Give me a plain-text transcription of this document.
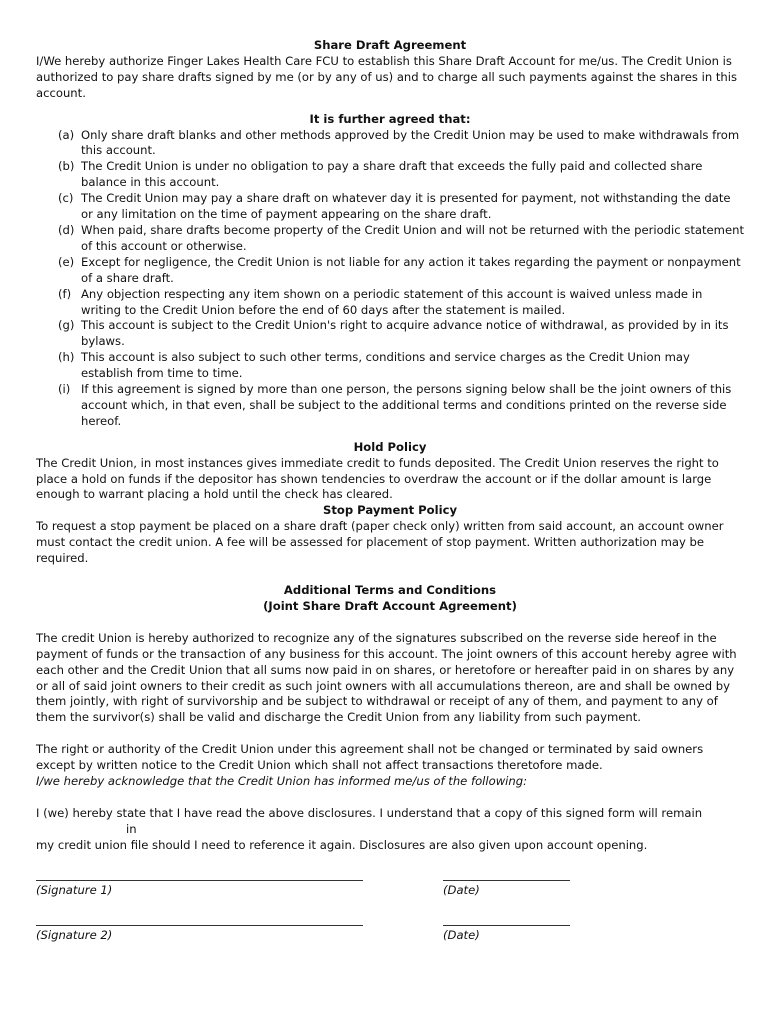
Share Draft Agreement

I/We hereby authorize Finger Lakes Health Care FCU to establish this Share Draft Account for me/us. The Credit Union is authorized to pay share drafts signed by me (or by any of us) and to charge all such payments against the shares in this account.

It is further agreed that:
(a) Only share draft blanks and other methods approved by the Credit Union may be used to make withdrawals from this account.
(b) The Credit Union is under no obligation to pay a share draft that exceeds the fully paid and collected share balance in this account.
(c) The Credit Union may pay a share draft on whatever day it is presented for payment, not withstanding the date or any limitation on the time of payment appearing on the share draft.
(d) When paid, share drafts become property of the Credit Union and will not be returned with the periodic statement of this account or otherwise.
(e) Except for negligence, the Credit Union is not liable for any action it takes regarding the payment or nonpayment of a share draft.
(f) Any objection respecting any item shown on a periodic statement of this account is waived unless made in writing to the Credit Union before the end of 60 days after the statement is mailed.
(g) This account is subject to the Credit Union's right to acquire advance notice of withdrawal, as provided by in its bylaws.
(h) This account is also subject to such other terms, conditions and service charges as the Credit Union may establish from time to time.
(i) If this agreement is signed by more than one person, the persons signing below shall be the joint owners of this account which, in that even, shall be subject to the additional terms and conditions printed on the reverse side hereof.
Hold Policy

The Credit Union, in most instances gives immediate credit to funds deposited. The Credit Union reserves the right to place a hold on funds if the depositor has shown tendencies to overdraw the account or if the dollar amount is large enough to warrant placing a hold until the check has cleared.

Stop Payment Policy

To request a stop payment be placed on a share draft (paper check only) written from said account, an account owner must contact the credit union. A fee will be assessed for placement of stop payment. Written authorization may be required.

Additional Terms and Conditions
(Joint Share Draft Account Agreement)

The credit Union is hereby authorized to recognize any of the signatures subscribed on the reverse side hereof in the payment of funds or the transaction of any business for this account. The joint owners of this account hereby agree with each other and the Credit Union that all sums now paid in on shares, or heretofore or hereafter paid in on shares by any or all of said joint owners to their credit as such joint owners with all accumulations thereon, are and shall be owned by them jointly, with right of survivorship and be subject to withdrawal or receipt of any of them, and payment to any of them the survivor(s) shall be valid and discharge the Credit Union from any liability from such payment.

The right or authority of the Credit Union under this agreement shall not be changed or terminated by said owners except by written notice to the Credit Union which shall not affect transactions theretofore made.

I/we hereby acknowledge that the Credit Union has informed me/us of the following:

I (we) hereby state that I have read the above disclosures. I understand that a copy of this signed form will remain

in

my credit union file should I need to reference it again. Disclosures are also given upon account opening.

(Signature 1)	(Date)
(Signature 2)	(Date)
